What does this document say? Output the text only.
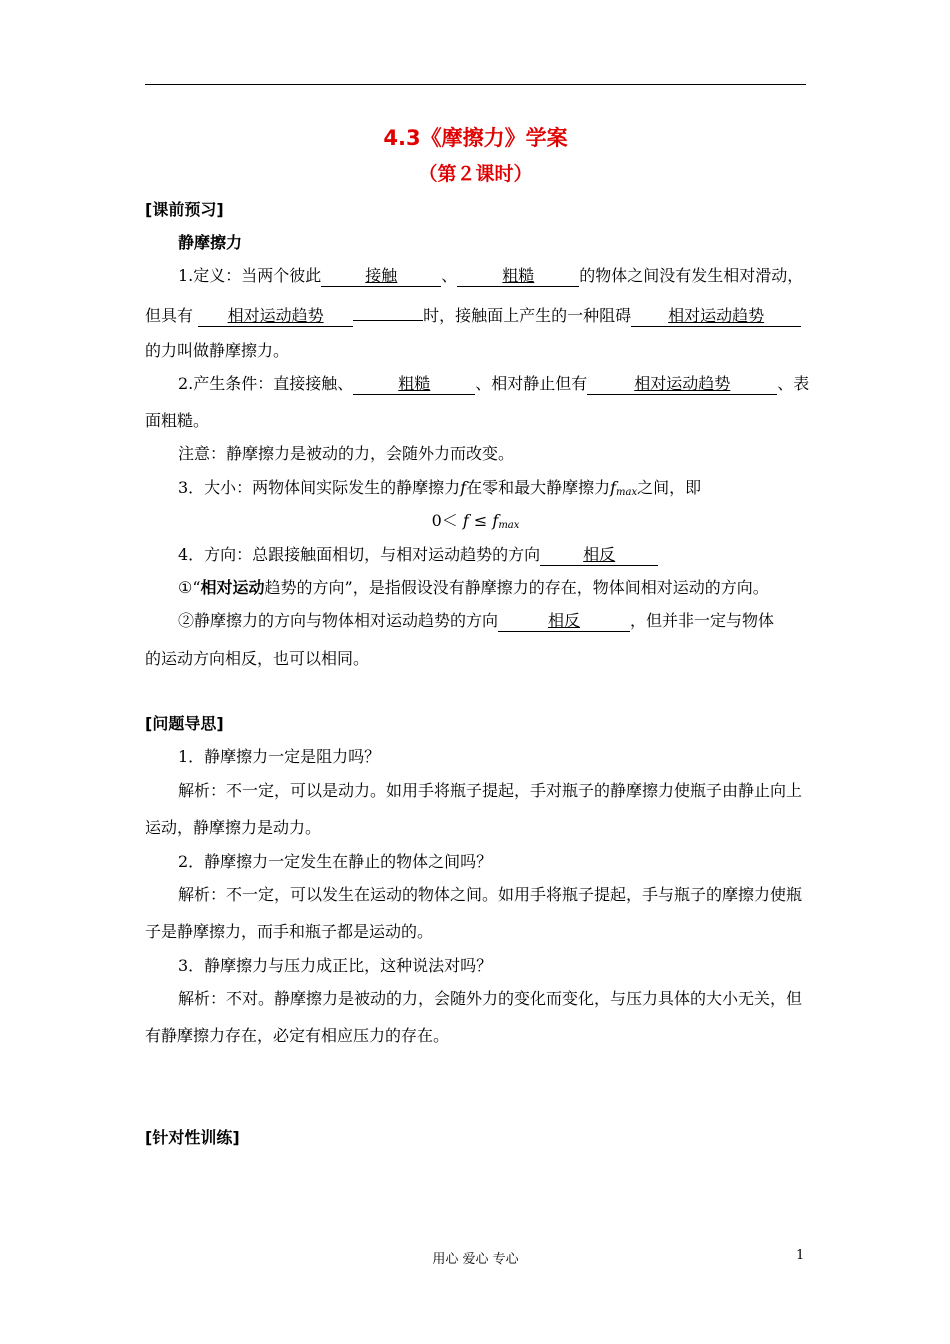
4.3《摩擦力》学案
（第２课时）
[课前预习]
静摩擦力
1.定义：当两个彼此	接触	、	粗糙	的物体之间没有发生相对滑动，
但具有 相对运动趋势	时，接触面上产生的一种阻碍 相对运动趋势
的力叫做静摩擦力。
2.产生条件：直接接触、	粗糙	、相对静止但有	相对运动趋势	、表
面粗糙。
注意：静摩擦力是被动的力，会随外力而改变。
3．大小：两物体间实际发生的静摩擦力f在零和最大静摩擦力fmax之间，即
0＜ f ≤ fmax
4．方向：总跟接触面相切，与相对运动趋势的方向	相反
①“相对运动趋势的方向”，是指假设没有静摩擦力的存在，物体间相对运动的方向。
②静摩擦力的方向与物体相对运动趋势的方向	相反	，但并非一定与物体
的运动方向相反，也可以相同。
[问题导思]
1．静摩擦力一定是阻力吗？
解析：不一定，可以是动力。如用手将瓶子提起，手对瓶子的静摩擦力使瓶子由静止向上
运动，静摩擦力是动力。
2．静摩擦力一定发生在静止的物体之间吗？
解析：不一定，可以发生在运动的物体之间。如用手将瓶子提起，手与瓶子的摩擦力使瓶
子是静摩擦力，而手和瓶子都是运动的。
3．静摩擦力与压力成正比，这种说法对吗？
解析：不对。静摩擦力是被动的力，会随外力的变化而变化，与压力具体的大小无关，但
有静摩擦力存在，必定有相应压力的存在。
[针对性训练]
用心 爱心 专心	1
